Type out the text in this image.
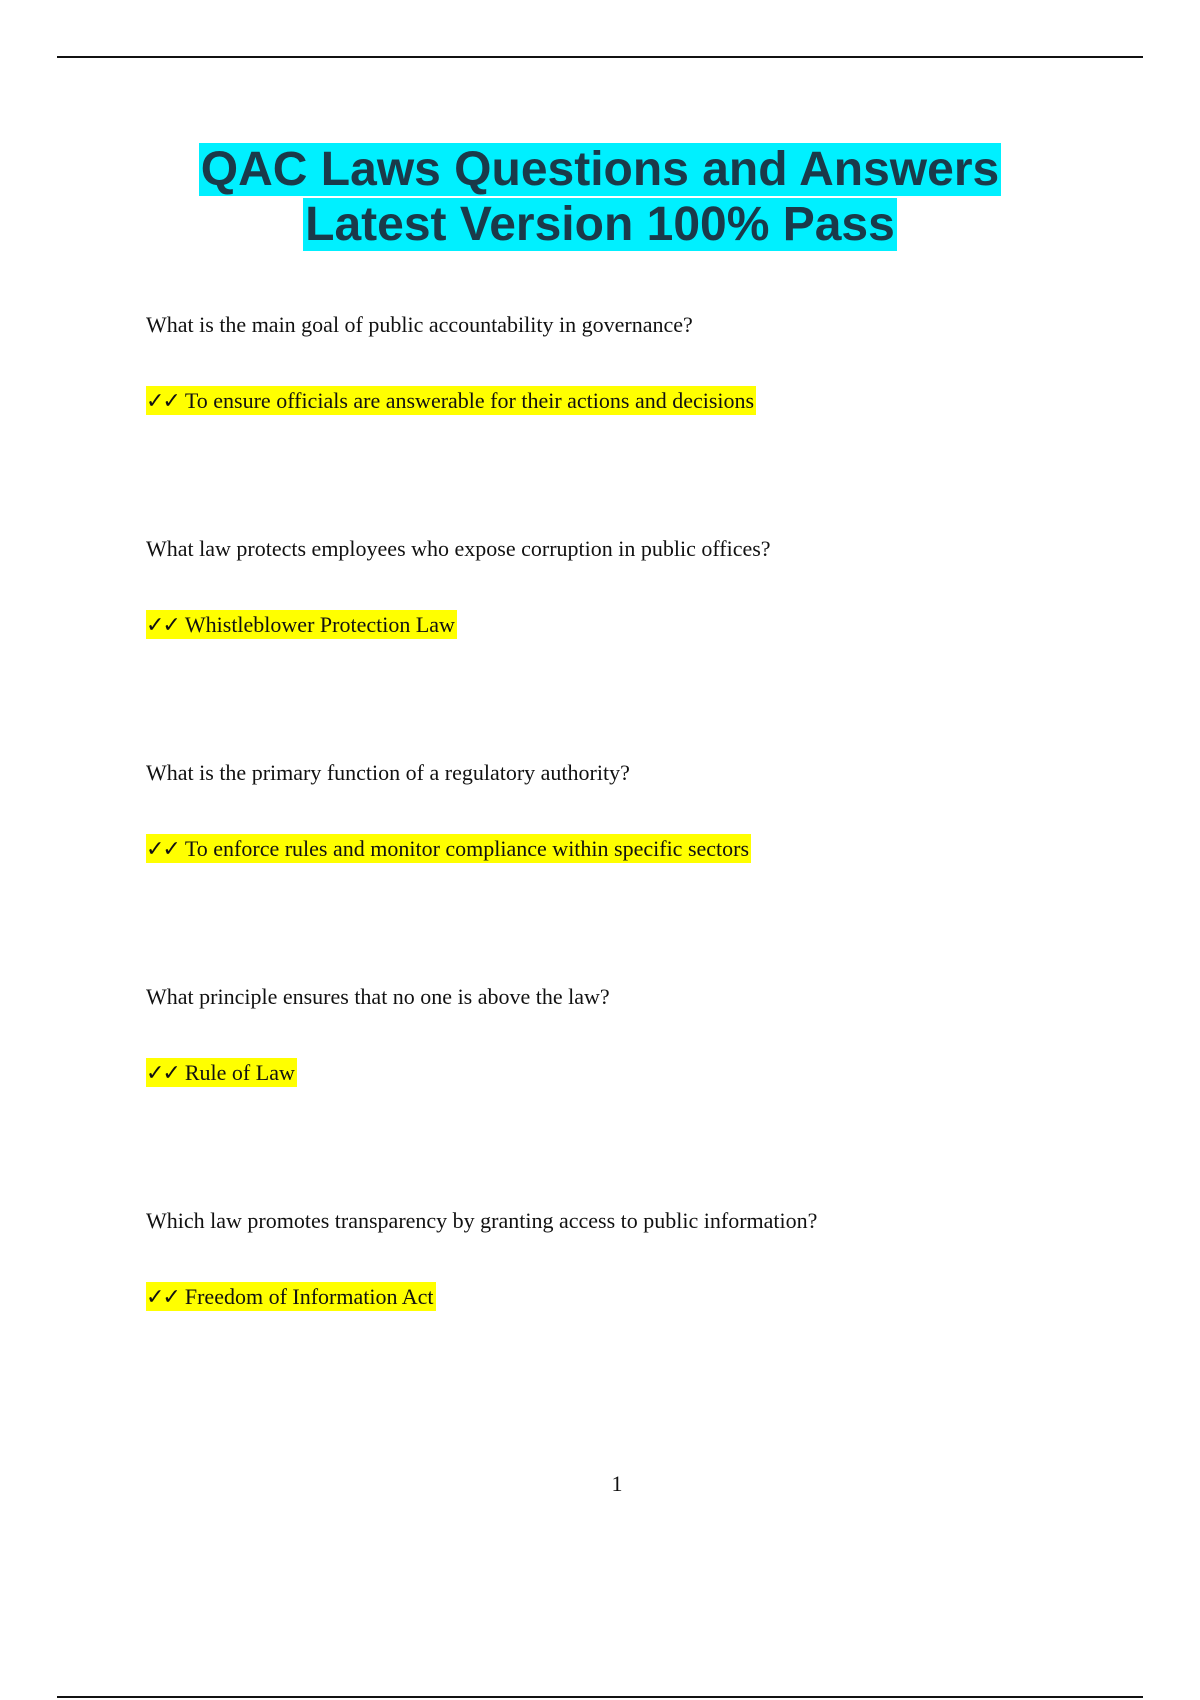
QAC Laws Questions and Answers
Latest Version 100% Pass

What is the main goal of public accountability in governance?

✓✓ To ensure officials are answerable for their actions and decisions

What law protects employees who expose corruption in public offices?

✓✓ Whistleblower Protection Law

What is the primary function of a regulatory authority?

✓✓ To enforce rules and monitor compliance within specific sectors

What principle ensures that no one is above the law?

✓✓ Rule of Law

Which law promotes transparency by granting access to public information?

✓✓ Freedom of Information Act

1
